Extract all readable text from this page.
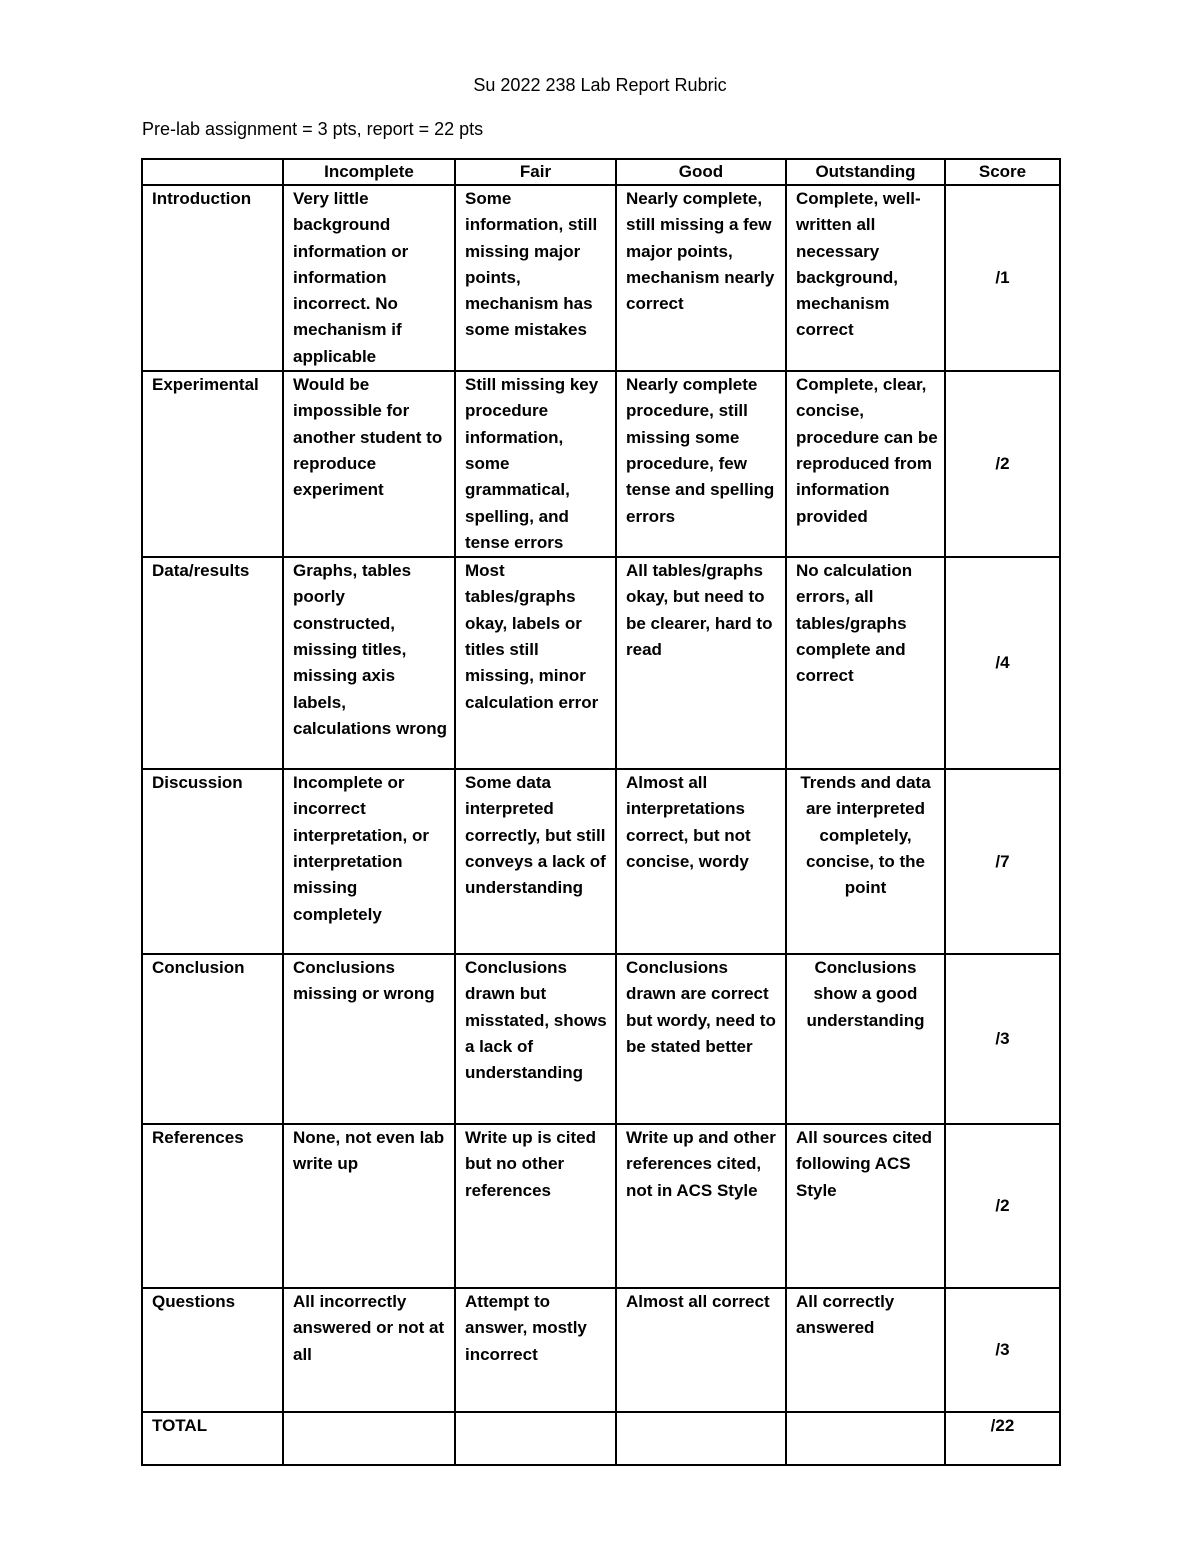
Su 2022 238 Lab Report Rubric
Pre-lab assignment = 3 pts, report = 22 pts
	Incomplete	Fair	Good	Outstanding	Score
Introduction	Very little background information or information incorrect. No mechanism if applicable	Some information, still missing major points, mechanism has some mistakes	Nearly complete, still missing a few major points, mechanism nearly correct	Complete, well-written all necessary background, mechanism correct	/1
Experimental	Would be impossible for another student to reproduce experiment	Still missing key procedure information, some grammatical, spelling, and tense errors	Nearly complete procedure, still missing some procedure, few tense and spelling errors	Complete, clear, concise, procedure can be reproduced from information provided	/2
Data/results	Graphs, tables poorly constructed, missing titles, missing axis labels, calculations wrong	Most tables/graphs okay, labels or titles still missing, minor calculation error	All tables/graphs okay, but need to be clearer, hard to read	No calculation errors, all tables/graphs complete and correct	/4
Discussion	Incomplete or incorrect interpretation, or interpretation missing completely	Some data interpreted correctly, but still conveys a lack of understanding	Almost all interpretations correct, but not concise, wordy	Trends and data are interpreted completely, concise, to the point	/7
Conclusion	Conclusions missing or wrong	Conclusions drawn but misstated, shows a lack of understanding	Conclusions drawn are correct but wordy, need to be stated better	Conclusions show a good understanding	/3
References	None, not even lab write up	Write up is cited but no other references	Write up and other references cited, not in ACS Style	All sources cited following ACS Style	/2
Questions	All incorrectly answered or not at all	Attempt to answer, mostly incorrect	Almost all correct	All correctly answered	/3
TOTAL					/22
